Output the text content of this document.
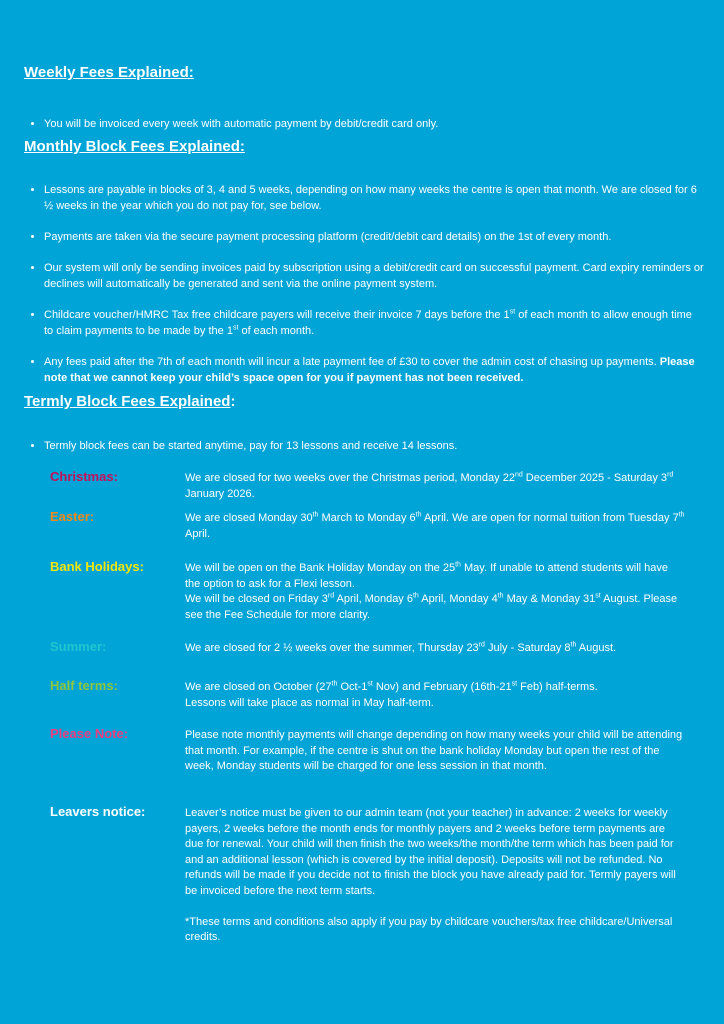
Weekly Fees Explained:
• You will be invoiced every week with automatic payment by debit/credit card only.
Monthly Block Fees Explained:
• Lessons are payable in blocks of 3, 4 and 5 weeks, depending on how many weeks the centre is open that month. We are closed for 6 ½ weeks in the year which you do not pay for, see below.
• Payments are taken via the secure payment processing platform (credit/debit card details) on the 1st of every month.
• Our system will only be sending invoices paid by subscription using a debit/credit card on successful payment. Card expiry reminders or declines will automatically be generated and sent via the online payment system.
• Childcare voucher/HMRC Tax free childcare payers will receive their invoice 7 days before the 1st of each month to allow enough time to claim payments to be made by the 1st of each month.
• Any fees paid after the 7th of each month will incur a late payment fee of £30 to cover the admin cost of chasing up payments. Please note that we cannot keep your child’s space open for you if payment has not been received.
Termly Block Fees Explained:
• Termly block fees can be started anytime, pay for 13 lessons and receive 14 lessons.
Christmas:	We are closed for two weeks over the Christmas period, Monday 22nd December 2025 - Saturday 3rd January 2026.
Easter:	We are closed Monday 30th March to Monday 6th April. We are open for normal tuition from Tuesday 7th April.
Bank Holidays:	We will be open on the Bank Holiday Monday on the 25th May. If unable to attend students will have the option to ask for a Flexi lesson.
We will be closed on Friday 3rd April, Monday 6th April, Monday 4th May & Monday 31st August. Please see the Fee Schedule for more clarity.
Summer:	We are closed for 2 ½ weeks over the summer, Thursday 23rd July - Saturday 8th August.
Half terms:	We are closed on October (27th Oct-1st Nov) and February (16th-21st Feb) half-terms.
Lessons will take place as normal in May half-term.
Please Note:	Please note monthly payments will change depending on how many weeks your child will be attending that month. For example, if the centre is shut on the bank holiday Monday but open the rest of the week, Monday students will be charged for one less session in that month.
Leavers notice:	Leaver’s notice must be given to our admin team (not your teacher) in advance: 2 weeks for weekly payers, 2 weeks before the month ends for monthly payers and 2 weeks before term payments are due for renewal. Your child will then finish the two weeks/the month/the term which has been paid for and an additional lesson (which is covered by the initial deposit). Deposits will not be refunded. No refunds will be made if you decide not to finish the block you have already paid for. Termly payers will be invoiced before the next term starts.

*These terms and conditions also apply if you pay by childcare vouchers/tax free childcare/Universal credits.
